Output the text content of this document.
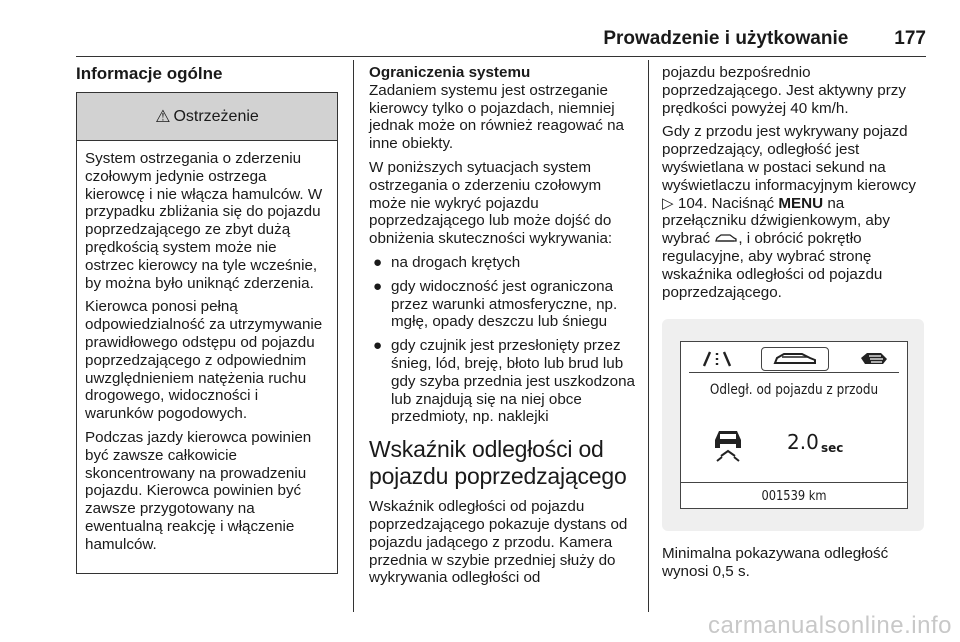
Prowadzenie i użytkowanie 177
Informacje ogólne
⚠ Ostrzeżenie

System ostrzegania o zderzeniu czołowym jedynie ostrzega kierowcę i nie włącza hamulców. W przypadku zbliżania się do pojazdu poprzedzającego ze zbyt dużą prędkością system może nie ostrzec kierowcy na tyle wcześnie, by można było uniknąć zderzenia.

Kierowca ponosi pełną odpowiedzialność za utrzymywanie prawidłowego odstępu od pojazdu poprzedzającego z odpowiednim uwzględnieniem natężenia ruchu drogowego, widoczności i warunków pogodowych.

Podczas jazdy kierowca powinien być zawsze całkowicie skoncentrowany na prowadzeniu pojazdu. Kierowca powinien być zawsze przygotowany na ewentualną reakcję i włączenie hamulców.

Ograniczenia systemu

Zadaniem systemu jest ostrzeganie kierowcy tylko o pojazdach, niemniej jednak może on również reagować na inne obiekty.

W poniższych sytuacjach system ostrzegania o zderzeniu czołowym może nie wykryć pojazdu poprzedzającego lub może dojść do obniżenia skuteczności wykrywania:

● na drogach krętych
● gdy widoczność jest ograniczona przez warunki atmosferyczne, np. mgłę, opady deszczu lub śniegu
● gdy czujnik jest przesłonięty przez śnieg, lód, breję, błoto lub brud lub gdy szyba przednia jest uszkodzona lub znajdują się na niej obce przedmioty, np. naklejki
Wskaźnik odległości od pojazdu poprzedzającego

Wskaźnik odległości od pojazdu poprzedzającego pokazuje dystans od pojazdu jadącego z przodu. Kamera przednia w szybie przedniej służy do wykrywania odległości od

pojazdu bezpośrednio poprzedzającego. Jest aktywny przy prędkości powyżej 40 km/h.

Gdy z przodu jest wykrywany pojazd poprzedzający, odległość jest wyświetlana w postaci sekund na wyświetlaczu informacyjnym kierowcy ▷ 104. Naciśnąć MENU na przełączniku dźwigienkowym, aby wybrać , i obrócić pokrętło regulacyjne, aby wybrać stronę wskaźnika odległości od pojazdu poprzedzającego.

Odległ. od pojazdu z przodu
2.0 sec
001539 km

Minimalna pokazywana odległość wynosi 0,5 s.

carmanualsonline.info
